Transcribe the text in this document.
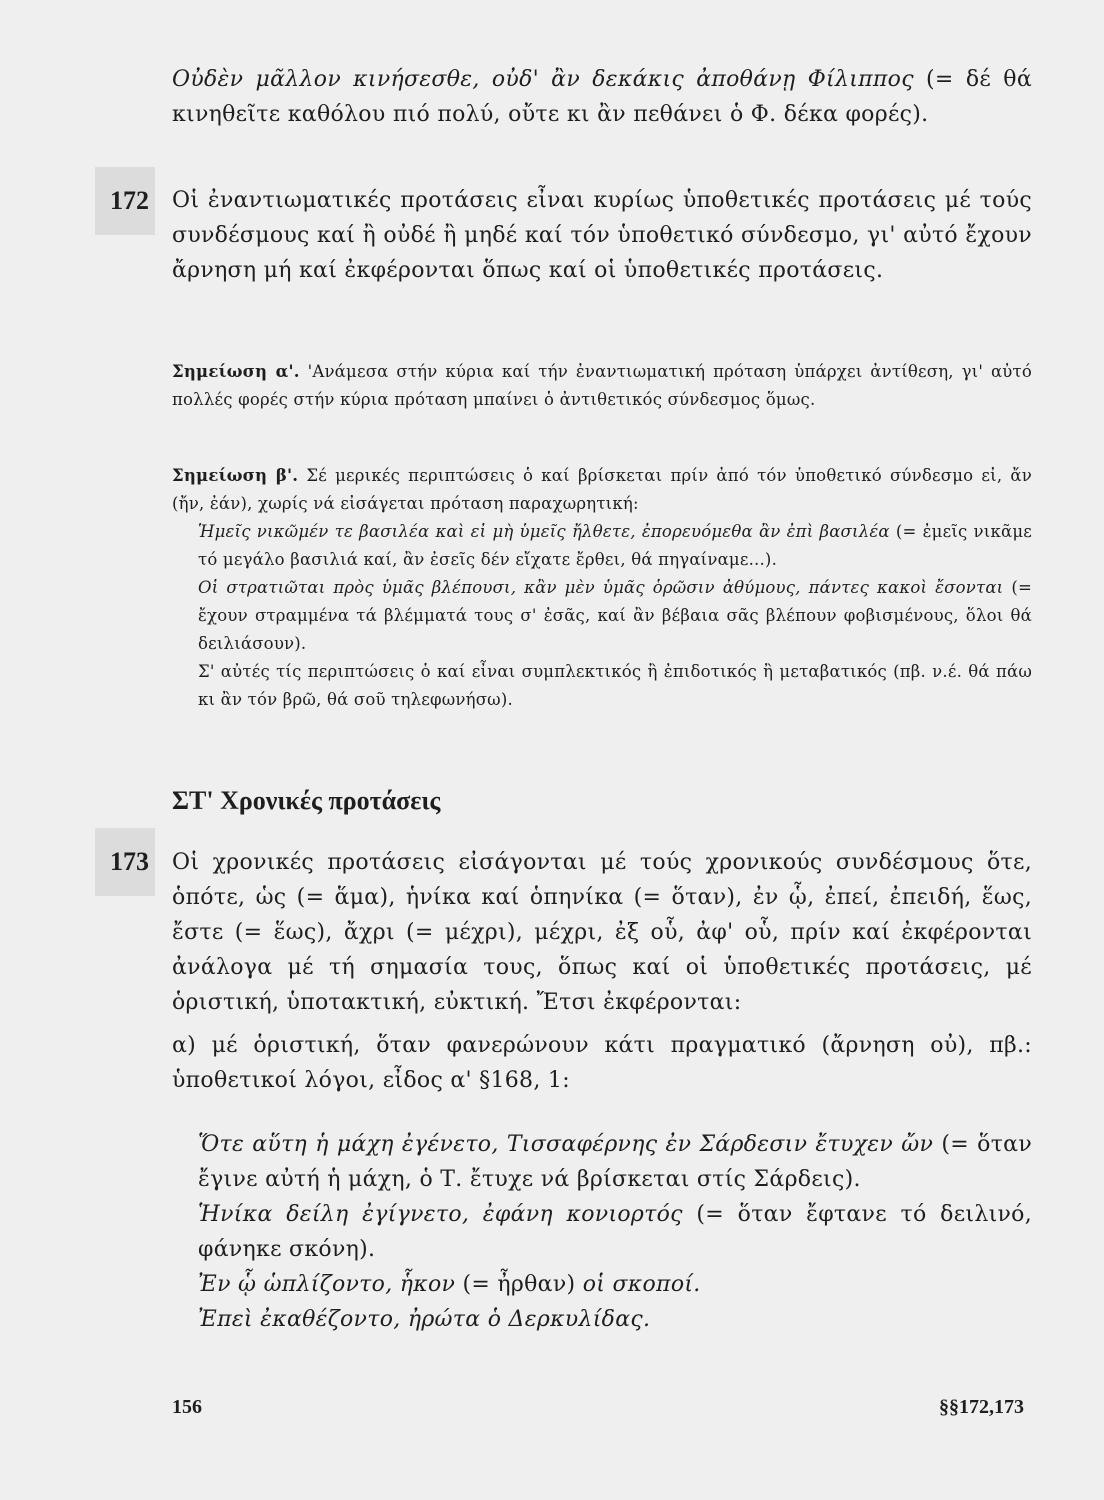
Οὐδὲν μᾶλλον κινήσεσθε, οὐδ' ἂν δεκάκις ἀποθάνῃ Φίλιππος (= δέ θά κινηθεῖτε καθόλου πιό πολύ, οὔτε κι ἂν πεθάνει ὁ Φ. δέκα φορές).

172 Οἱ ἐναντιωματικές προτάσεις εἶναι κυρίως ὑποθετικές προτάσεις μέ τούς συνδέσμους καί ἢ οὐδέ ἢ μηδέ καί τόν ὑποθετικό σύνδεσμο, γι' αὐτό ἔχουν ἄρνηση μή καί ἐκφέρονται ὅπως καί οἱ ὑποθετικές προτάσεις.

Σημείωση α'. 'Ανάμεσα στήν κύρια καί τήν ἐναντιωματική πρόταση ὑπάρχει ἀντίθεση, γι' αὐτό πολλές φορές στήν κύρια πρόταση μπαίνει ὁ ἀντιθετικός σύνδεσμος ὅμως.

Σημείωση β'. Σέ μερικές περιπτώσεις ὁ καί βρίσκεται πρίν ἀπό τόν ὑποθετικό σύνδεσμο εἰ, ἄν (ἤν, ἐάν), χωρίς νά εἰσάγεται πρόταση παραχωρητική:

Ἡμεῖς νικῶμέν τε βασιλέα καὶ εἰ μὴ ὑμεῖς ἤλθετε, ἐπορευόμεθα ἂν ἐπὶ βασιλέα (= ἐμεῖς νικᾶμε τό μεγάλο βασιλιά καί, ἂν ἐσεῖς δέν εἴχατε ἔρθει, θά πηγαίναμε...).

Οἱ στρατιῶται πρὸς ὑμᾶς βλέπουσι, κἂν μὲν ὑμᾶς ὁρῶσιν ἀθύμους, πάντες κακοὶ ἔσονται (= ἔχουν στραμμένα τά βλέμματά τους σ' ἐσᾶς, καί ἂν βέβαια σᾶς βλέπουν φοβισμένους, ὅλοι θά δειλιάσουν).

Σ' αὐτές τίς περιπτώσεις ὁ καί εἶναι συμπλεκτικός ἢ ἐπιδοτικός ἢ μεταβατικός (πβ. ν.έ. θά πάω κι ἂν τόν βρῶ, θά σοῦ τηλεφωνήσω).

ΣΤ' Χρονικές προτάσεις
173 Οἱ χρονικές προτάσεις εἰσάγονται μέ τούς χρονικούς συνδέσμους ὅτε, ὁπότε, ὡς (= ἅμα), ἡνίκα καί ὁπηνίκα (= ὅταν), ἐν ᾧ, ἐπεί, ἐπειδή, ἕως, ἔστε (= ἕως), ἄχρι (= μέχρι), μέχρι, ἐξ οὗ, ἀφ' οὗ, πρίν καί ἐκφέρονται ἀνάλογα μέ τή σημασία τους, ὅπως καί οἱ ὑποθετικές προτάσεις, μέ ὁριστική, ὑποτακτική, εὐκτική. Ἔτσι ἐκφέρονται:

α) μέ ὁριστική, ὅταν φανερώνουν κάτι πραγματικό (ἄρνηση οὐ), πβ.: ὑποθετικοί λόγοι, εἶδος α' §168, 1:

Ὅτε αὕτη ἡ μάχη ἐγένετο, Τισσαφέρνης ἐν Σάρδεσιν ἔτυχεν ὤν (= ὅταν ἔγινε αὐτή ἡ μάχη, ὁ Τ. ἔτυχε νά βρίσκεται στίς Σάρδεις).

Ἡνίκα δείλη ἐγίγνετο, ἐφάνη κονιορτός (= ὅταν ἔφτανε τό δειλινό, φάνηκε σκόνη).

Ἐν ᾧ ὡπλίζοντο, ἧκον (= ἦρθαν) οἱ σκοποί.

Ἐπεὶ ἐκαθέζοντο, ἠρώτα ὁ Δερκυλίδας.

156	§§172,173
